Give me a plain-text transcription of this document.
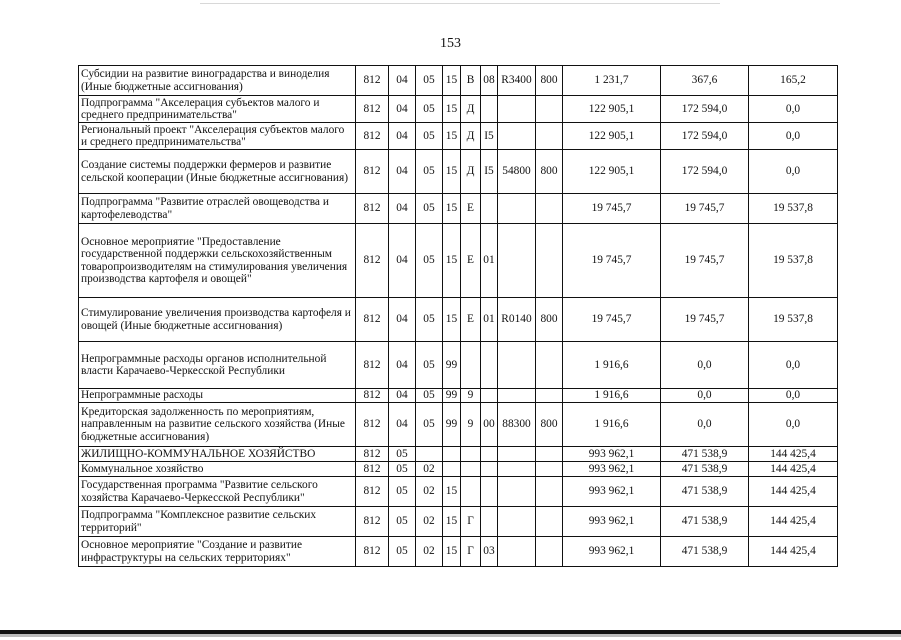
153
Субсидии на развитие виноградарства и виноделия (Иные бюджетные ассигнования)	812	04	05	15	В	08	R3400	800	1 231,7	367,6	165,2
Подпрограмма "Акселерация субъектов малого и среднего предпринимательства"	812	04	05	15	Д				122 905,1	172 594,0	0,0
Региональный проект "Акселерация субъектов малого и среднего предпринимательства"	812	04	05	15	Д	I5			122 905,1	172 594,0	0,0
Создание системы поддержки фермеров и развитие сельской кооперации (Иные бюджетные ассигнования)	812	04	05	15	Д	I5	54800	800	122 905,1	172 594,0	0,0
Подпрограмма "Развитие отраслей овощеводства и картофелеводства"	812	04	05	15	Е				19 745,7	19 745,7	19 537,8
Основное мероприятие "Предоставление государственной поддержки сельскохозяйственным товаропроизводителям на стимулирования увеличения производства картофеля и овощей"	812	04	05	15	Е	01			19 745,7	19 745,7	19 537,8
Стимулирование увеличения производства картофеля и овощей (Иные бюджетные ассигнования)	812	04	05	15	Е	01	R0140	800	19 745,7	19 745,7	19 537,8
Непрограммные расходы органов исполнительной власти Карачаево-Черкесской Республики	812	04	05	99					1 916,6	0,0	0,0
Непрограммные расходы	812	04	05	99	9				1 916,6	0,0	0,0
Кредиторская задолженность по мероприятиям, направленным на развитие сельского хозяйства (Иные бюджетные ассигнования)	812	04	05	99	9	00	88300	800	1 916,6	0,0	0,0
ЖИЛИЩНО-КОММУНАЛЬНОЕ ХОЗЯЙСТВО	812	05							993 962,1	471 538,9	144 425,4
Коммунальное хозяйство	812	05	02						993 962,1	471 538,9	144 425,4
Государственная программа "Развитие сельского хозяйства Карачаево-Черкесской Республики"	812	05	02	15					993 962,1	471 538,9	144 425,4
Подпрограмма "Комплексное развитие сельских территорий"	812	05	02	15	Г				993 962,1	471 538,9	144 425,4
Основное мероприятие "Создание и развитие инфраструктуры на сельских территориях"	812	05	02	15	Г	03			993 962,1	471 538,9	144 425,4
